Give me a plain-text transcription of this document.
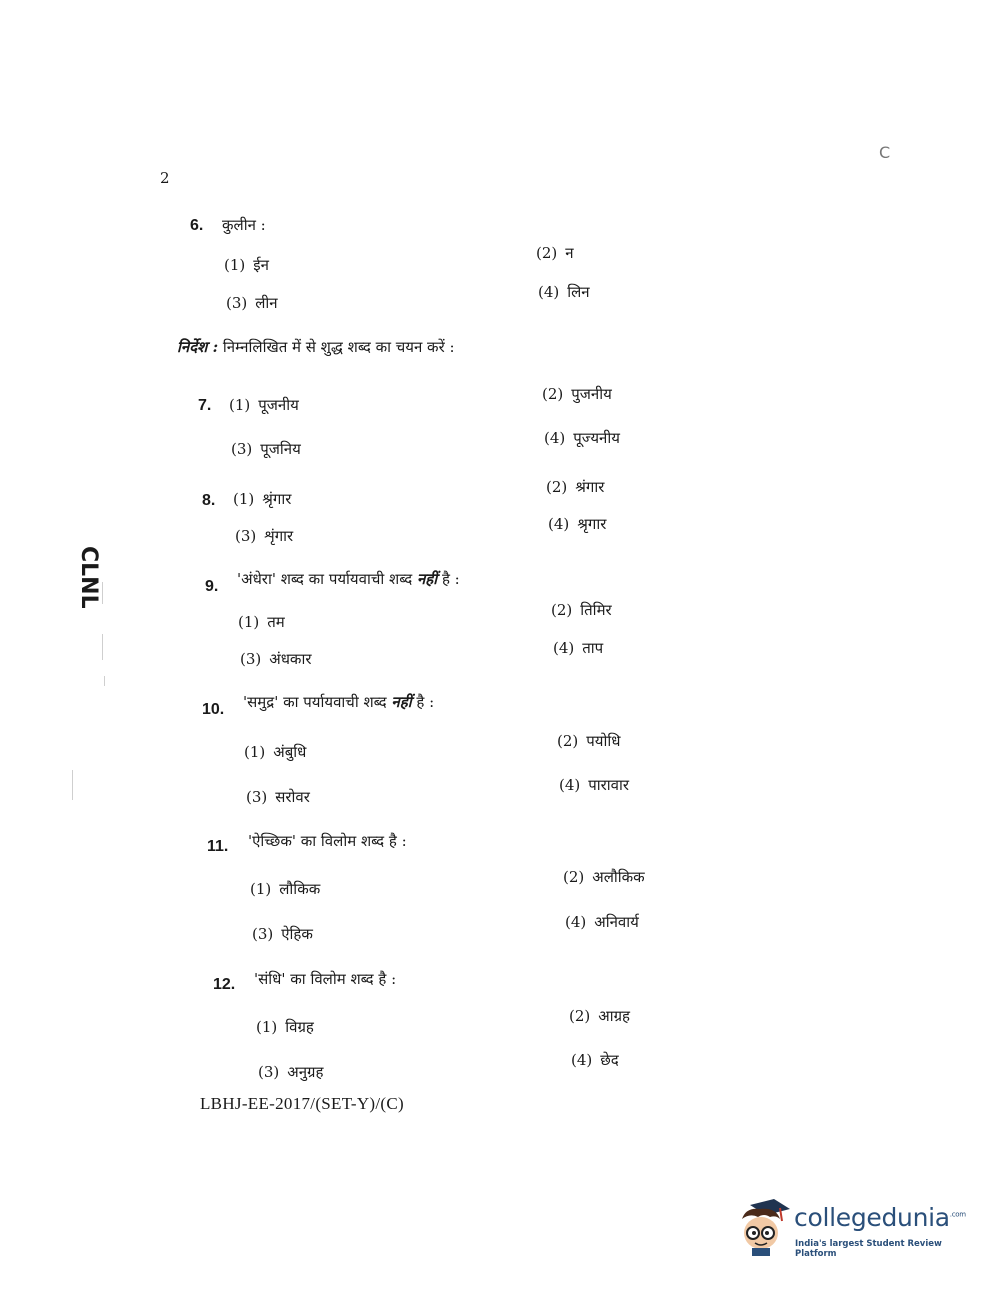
2
C
CLNL
6. कुलीन :
(1) ईन
(2) न
(3) लीन
(4) लिन
निर्देश : निम्नलिखित में से शुद्ध शब्द का चयन करें :
7. (1) पूजनीय
(2) पुजनीय
(3) पूजनिय
(4) पूज्यनीय
8. (1) श्रृंगार
(2) श्रंगार
(3) शृंगार
(4) श्रृगार
9. 'अंधेरा' शब्द का पर्यायवाची शब्द नहीं है :
(1) तम
(2) तिमिर
(3) अंधकार
(4) ताप
10. 'समुद्र' का पर्यायवाची शब्द नहीं है :
(1) अंबुधि
(2) पयोधि
(3) सरोवर
(4) पारावार
11. 'ऐच्छिक' का विलोम शब्द है :
(1) लौकिक
(2) अलौकिक
(3) ऐहिक
(4) अनिवार्य
12. 'संधि' का विलोम शब्द है :
(1) विग्रह
(2) आग्रह
(3) अनुग्रह
(4) छेद
LBHJ-EE-2017/(SET-Y)/(C)
collegedunia$^{.com}$
India's largest Student Review Platform
